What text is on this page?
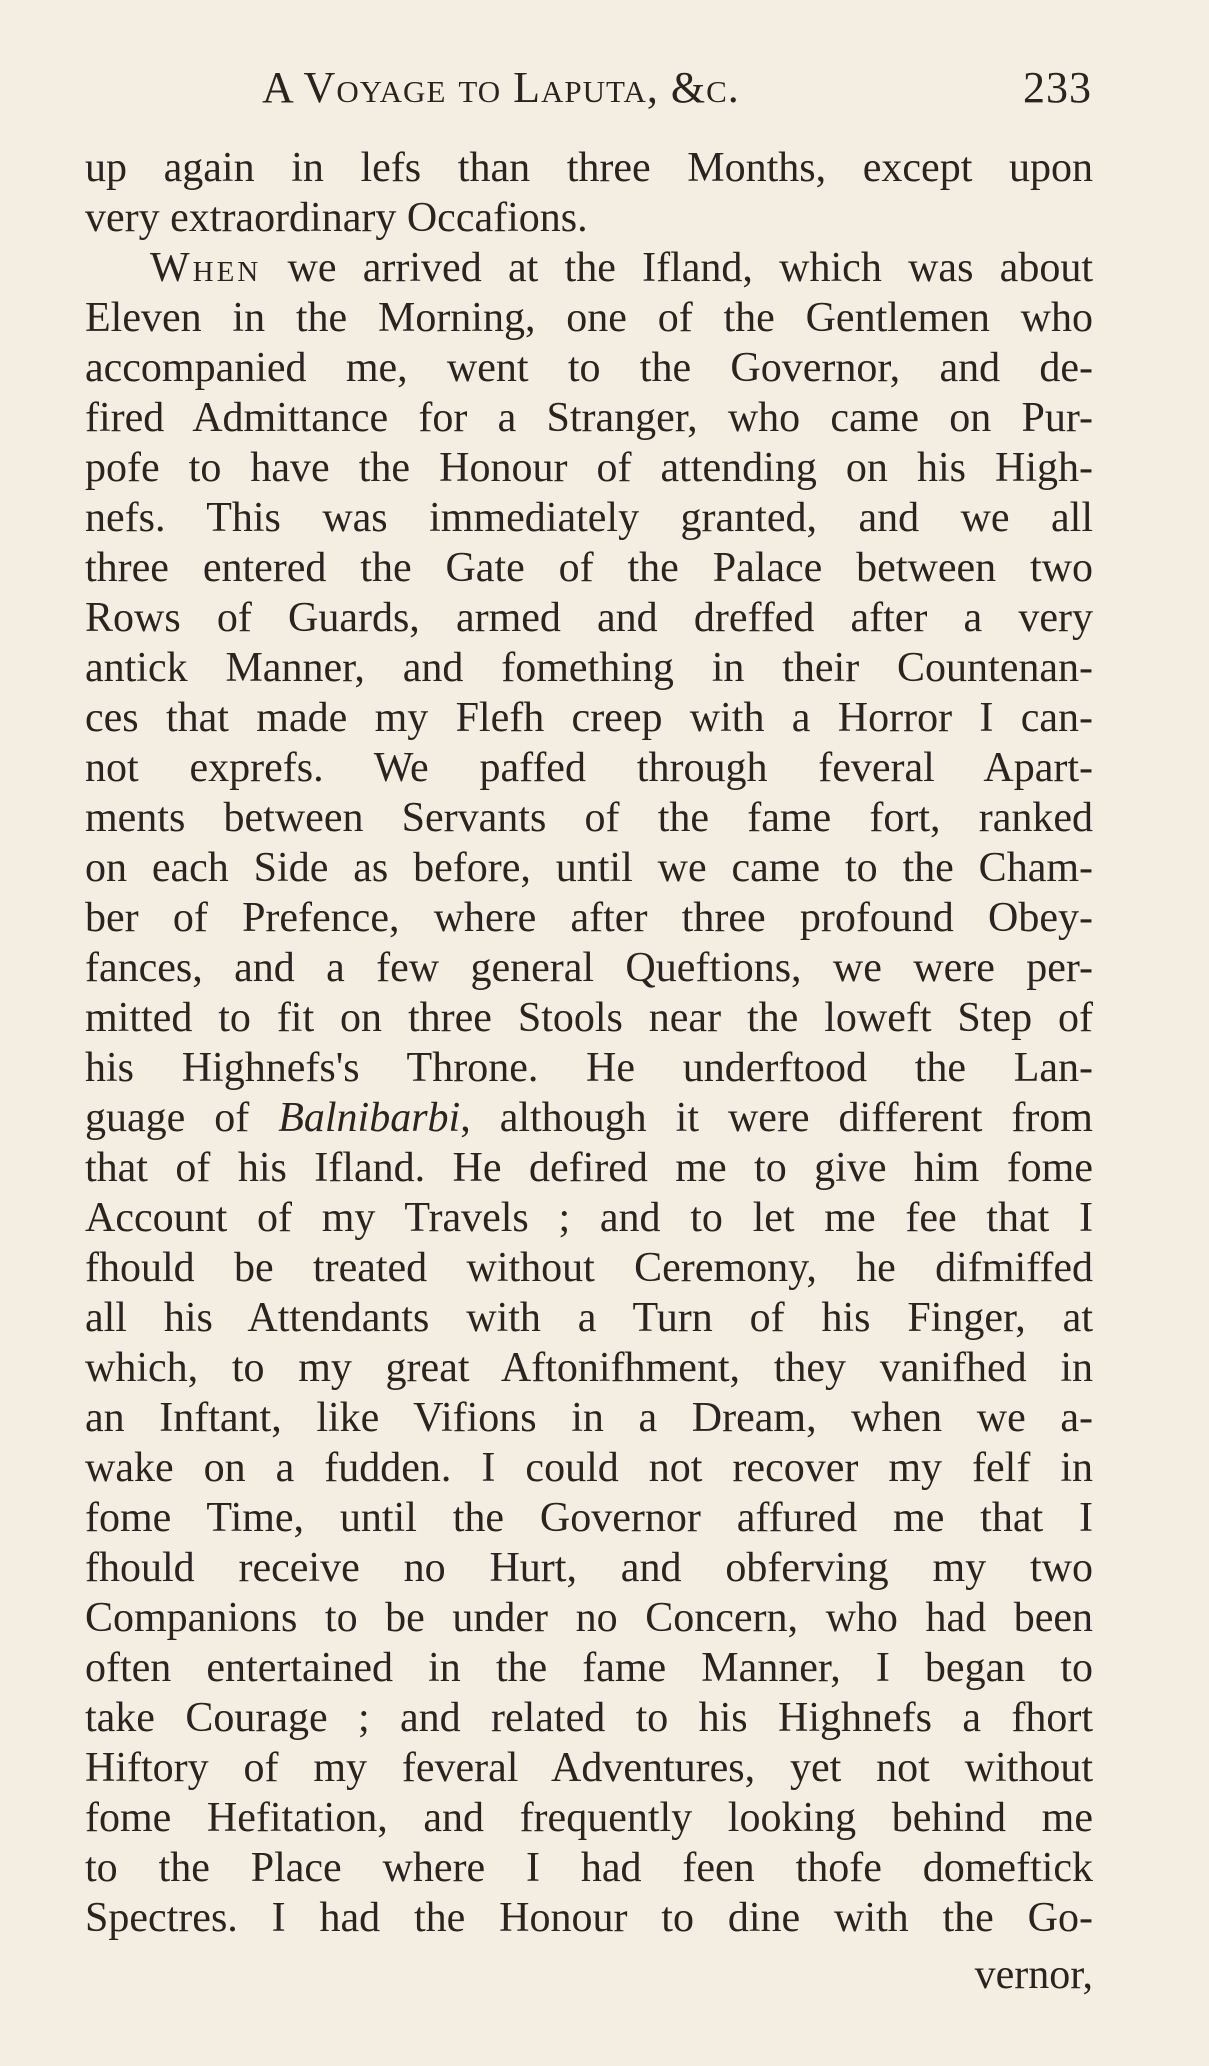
A Voyage to Laputa, &c.	233
up again in lefs than three Months, except upon
very extraordinary Occafions.
When we arrived at the Ifland, which was about
Eleven in the Morning, one of the Gentlemen who
accompanied me, went to the Governor, and de-
fired Admittance for a Stranger, who came on Pur-
pofe to have the Honour of attending on his High-
nefs. This was immediately granted, and we all
three entered the Gate of the Palace between two
Rows of Guards, armed and dreffed after a very
antick Manner, and fomething in their Countenan-
ces that made my Flefh creep with a Horror I can-
not exprefs. We paffed through feveral Apart-
ments between Servants of the fame fort, ranked
on each Side as before, until we came to the Cham-
ber of Prefence, where after three profound Obey-
fances, and a few general Queftions, we were per-
mitted to fit on three Stools near the loweft Step of
his Highnefs's Throne. He underftood the Lan-
guage of Balnibarbi, although it were different from
that of his Ifland. He defired me to give him fome
Account of my Travels ; and to let me fee that I
fhould be treated without Ceremony, he difmiffed
all his Attendants with a Turn of his Finger, at
which, to my great Aftonifhment, they vanifhed in
an Inftant, like Vifions in a Dream, when we a-
wake on a fudden. I could not recover my felf in
fome Time, until the Governor affured me that I
fhould receive no Hurt, and obferving my two
Companions to be under no Concern, who had been
often entertained in the fame Manner, I began to
take Courage ; and related to his Highnefs a fhort
Hiftory of my feveral Adventures, yet not without
fome Hefitation, and frequently looking behind me
to the Place where I had feen thofe domeftick
Spectres. I had the Honour to dine with the Go-
vernor,
